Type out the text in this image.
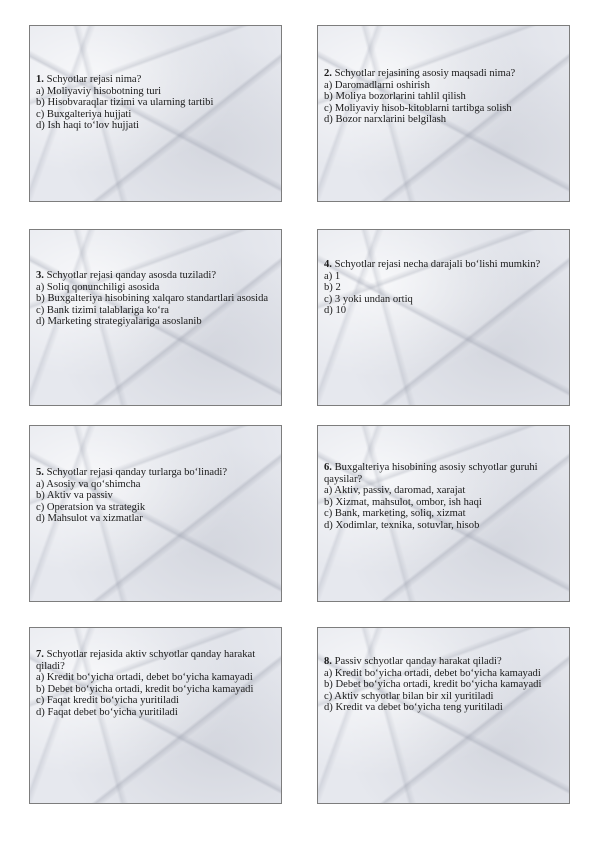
1. Schyotlar rejasi nima?

a) Moliyaviy hisobotning turi

b) Hisobvaraqlar tizimi va ularning tartibi

c) Buxgalteriya hujjati

d) Ish haqi to‘lov hujjati

2. Schyotlar rejasining asosiy maqsadi nima?

a) Daromadlarni oshirish

b) Moliya bozorlarini tahlil qilish

c) Moliyaviy hisob-kitoblarni tartibga solish

d) Bozor narxlarini belgilash

3. Schyotlar rejasi qanday asosda tuziladi?

a) Soliq qonunchiligi asosida

b) Buxgalteriya hisobining xalqaro standartlari asosida

c) Bank tizimi talablariga ko‘ra

d) Marketing strategiyalariga asoslanib

4. Schyotlar rejasi necha darajali bo‘lishi mumkin?

a) 1

b) 2

c) 3 yoki undan ortiq

d) 10

5. Schyotlar rejasi qanday turlarga bo‘linadi?

a) Asosiy va qo‘shimcha

b) Aktiv va passiv

c) Operatsion va strategik

d) Mahsulot va xizmatlar

6. Buxgalteriya hisobining asosiy schyotlar guruhi qaysilar?

a) Aktiv, passiv, daromad, xarajat

b) Xizmat, mahsulot, ombor, ish haqi

c) Bank, marketing, soliq, xizmat

d) Xodimlar, texnika, sotuvlar, hisob

7. Schyotlar rejasida aktiv schyotlar qanday harakat qiladi?

a) Kredit bo‘yicha ortadi, debet bo‘yicha kamayadi

b) Debet bo‘yicha ortadi, kredit bo‘yicha kamayadi

c) Faqat kredit bo‘yicha yuritiladi

d) Faqat debet bo‘yicha yuritiladi

8. Passiv schyotlar qanday harakat qiladi?

a) Kredit bo‘yicha ortadi, debet bo‘yicha kamayadi

b) Debet bo‘yicha ortadi, kredit bo‘yicha kamayadi

c) Aktiv schyotlar bilan bir xil yuritiladi

d) Kredit va debet bo‘yicha teng yuritiladi
